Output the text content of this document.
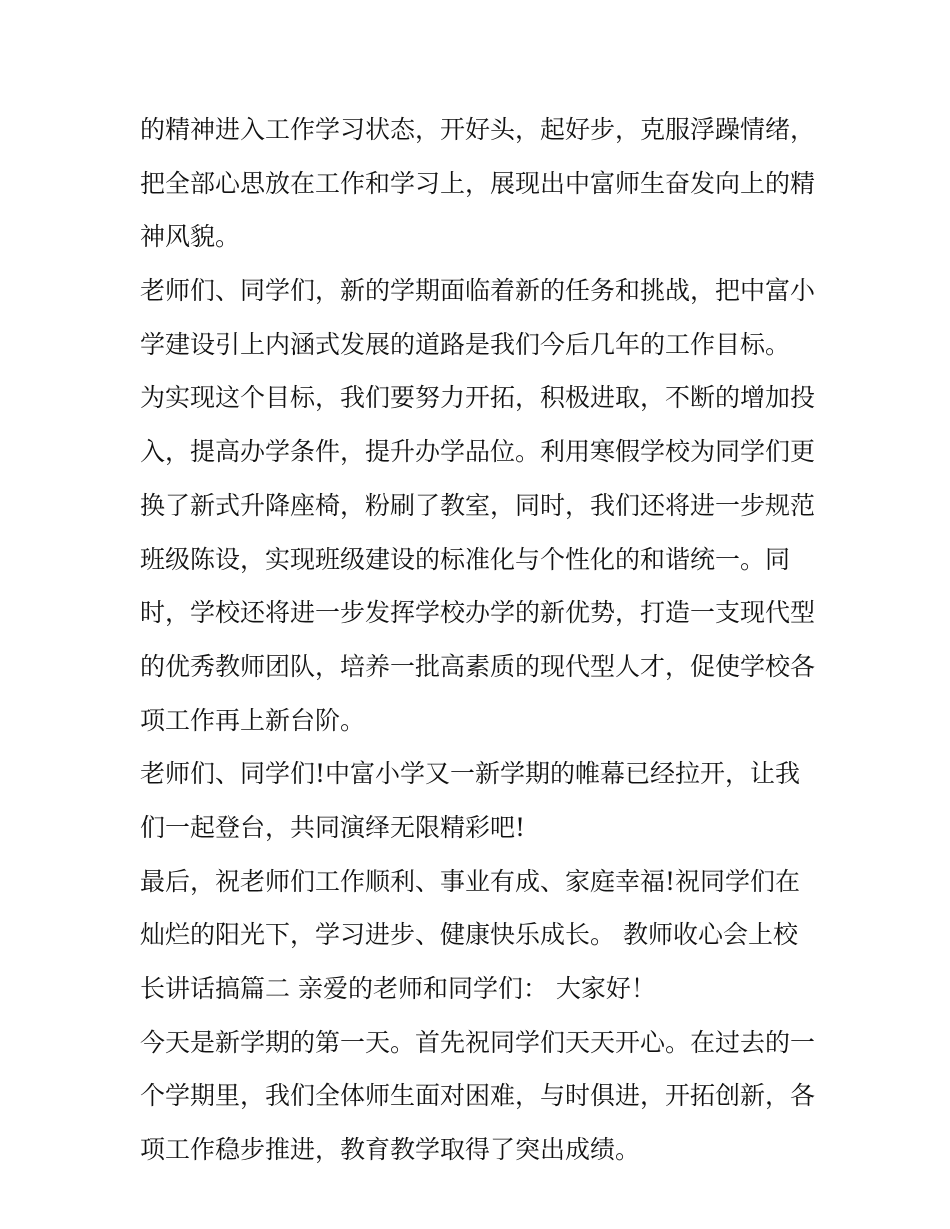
的精神进入工作学习状态，开好头，起好步，克服浮躁情绪，
把全部心思放在工作和学习上，展现出中富师生奋发向上的精
神风貌。
老师们、同学们，新的学期面临着新的任务和挑战，把中富小
学建设引上内涵式发展的道路是我们今后几年的工作目标。
为实现这个目标，我们要努力开拓，积极进取，不断的增加投
入，提高办学条件，提升办学品位。利用寒假学校为同学们更
换了新式升降座椅，粉刷了教室，同时，我们还将进一步规范
班级陈设，实现班级建设的标准化与个性化的和谐统一。同
时，学校还将进一步发挥学校办学的新优势，打造一支现代型
的优秀教师团队，培养一批高素质的现代型人才，促使学校各
项工作再上新台阶。
老师们、同学们!中富小学又一新学期的帷幕已经拉开，让我
们一起登台，共同演绎无限精彩吧!
最后，祝老师们工作顺利、事业有成、家庭幸福!祝同学们在
灿烂的阳光下，学习进步、健康快乐成长。 教师收心会上校
长讲话搞篇二 亲爱的老师和同学们： 大家好！
今天是新学期的第一天。首先祝同学们天天开心。在过去的一
个学期里，我们全体师生面对困难，与时俱进，开拓创新，各
项工作稳步推进，教育教学取得了突出成绩。
